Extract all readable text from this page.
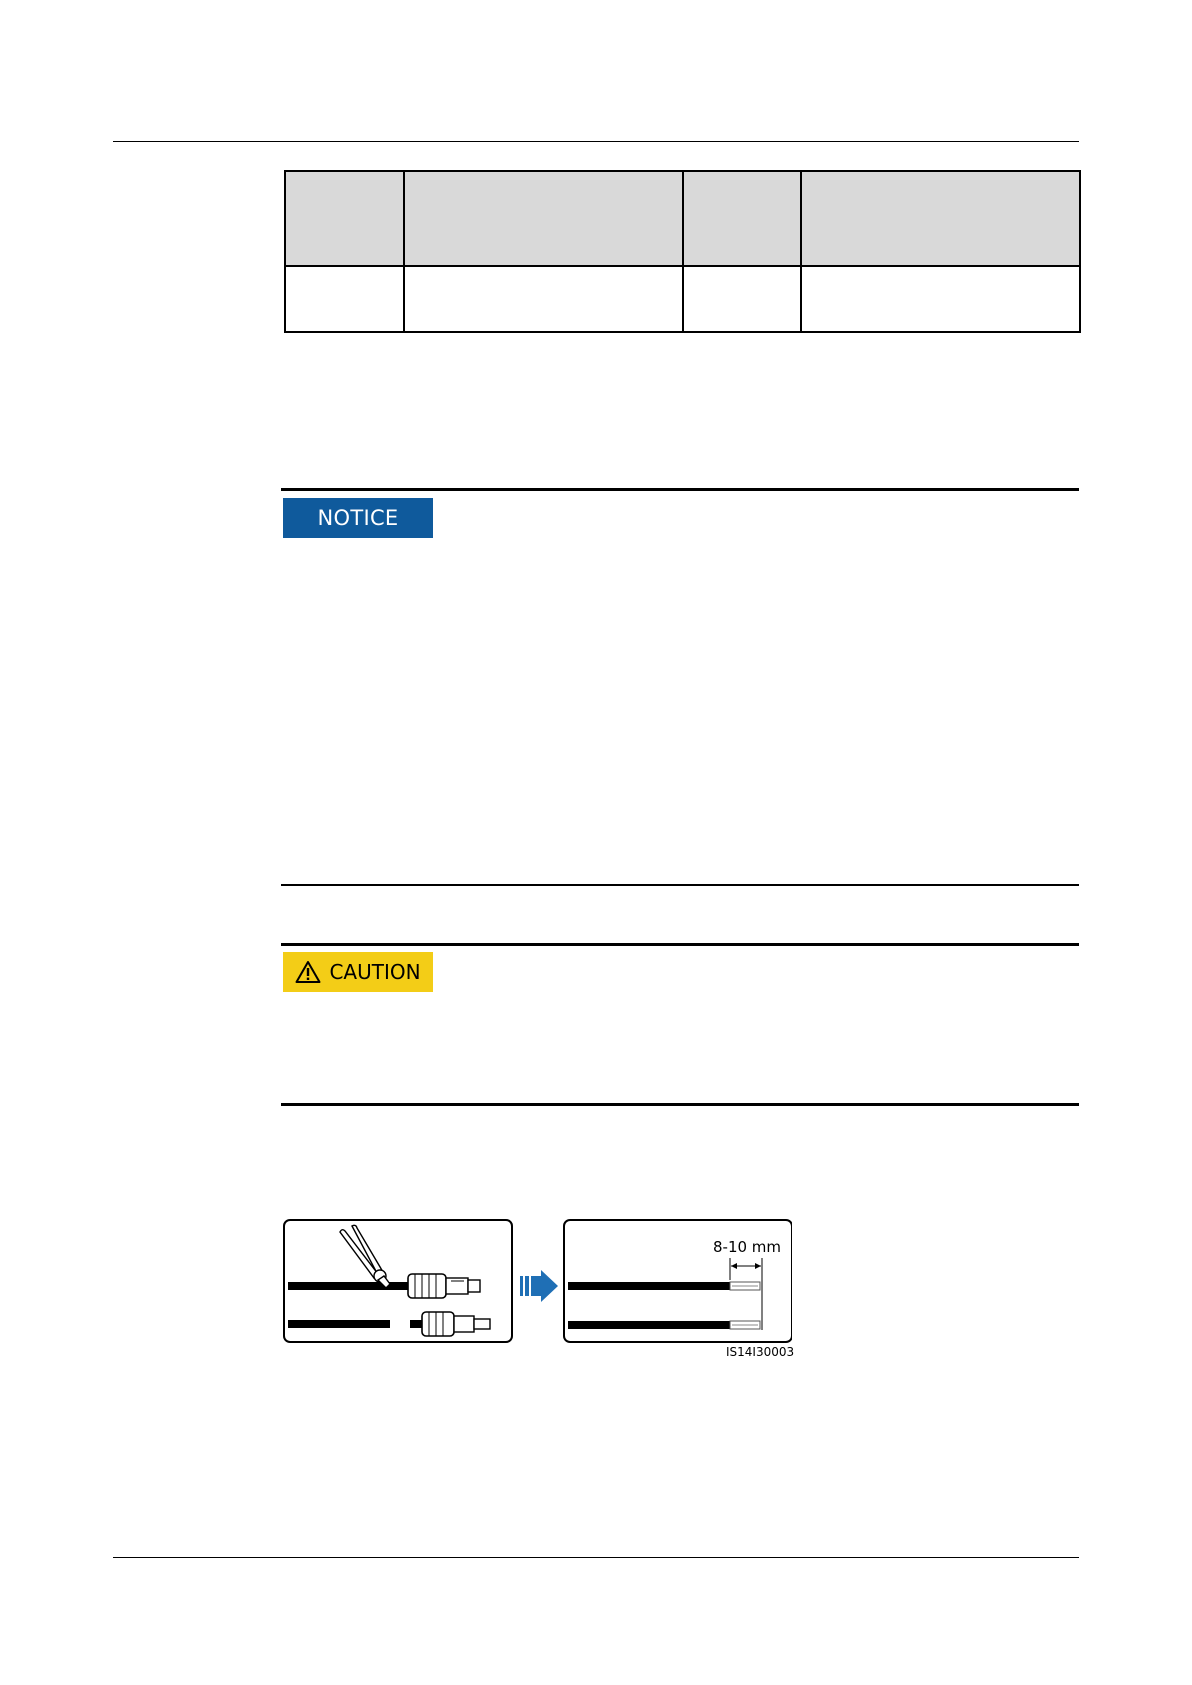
NOTICE
CAUTION
8-10 mm
IS14I30003
